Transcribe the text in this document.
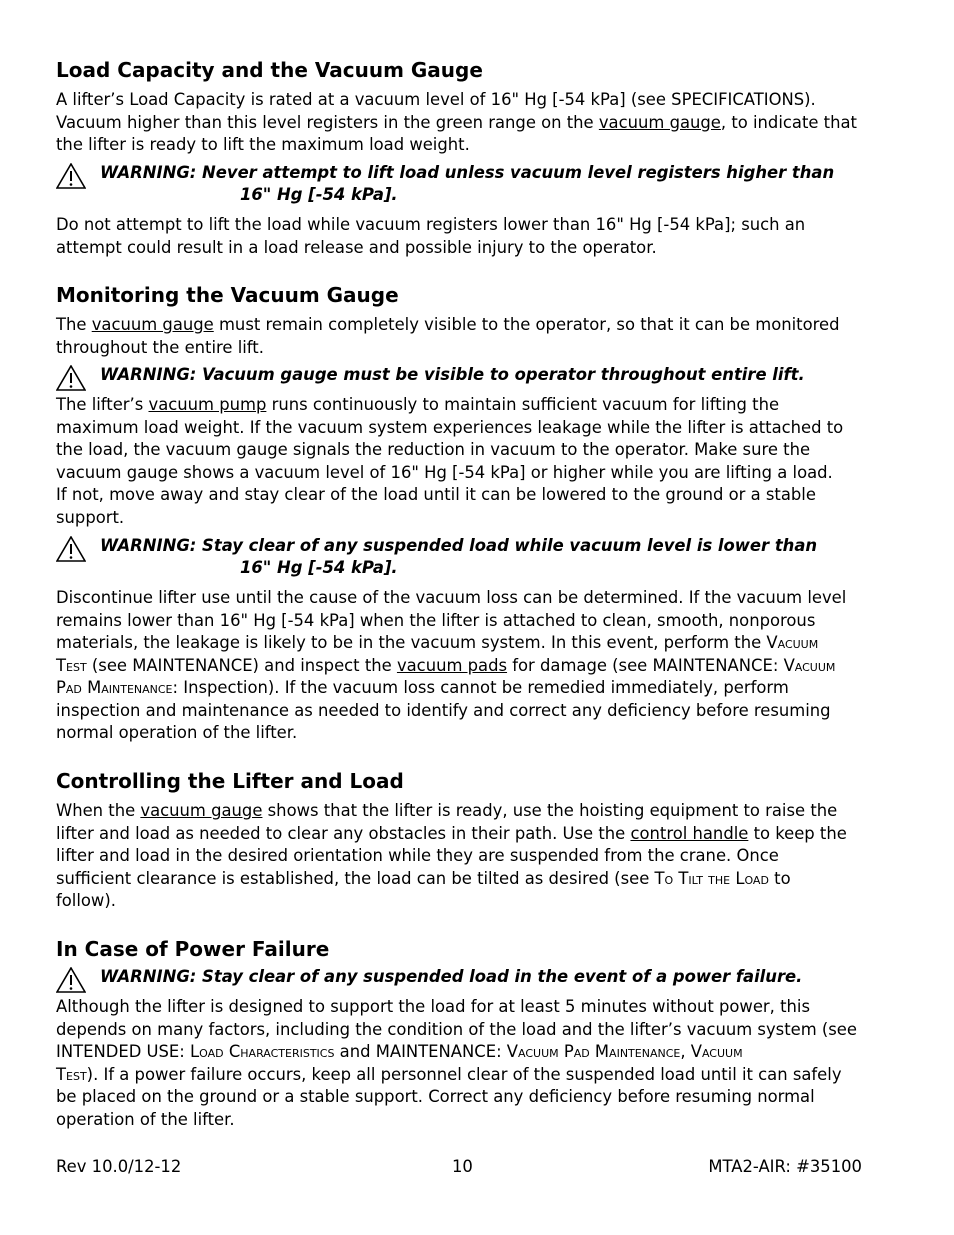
Load Capacity and the Vacuum Gauge

A lifter’s Load Capacity is rated at a vacuum level of 16" Hg [-54 kPa] (see SPECIFICATIONS).
Vacuum higher than this level registers in the green range on the vacuum gauge, to indicate that
the lifter is ready to lift the maximum load weight.

WARNING: Never attempt to lift load unless vacuum level registers higher than
16" Hg [-54 kPa].

Do not attempt to lift the load while vacuum registers lower than 16" Hg [-54 kPa]; such an
attempt could result in a load release and possible injury to the operator.

Monitoring the Vacuum Gauge

The vacuum gauge must remain completely visible to the operator, so that it can be monitored
throughout the entire lift.

WARNING: Vacuum gauge must be visible to operator throughout entire lift.

The lifter’s vacuum pump runs continuously to maintain sufficient vacuum for lifting the
maximum load weight. If the vacuum system experiences leakage while the lifter is attached to
the load, the vacuum gauge signals the reduction in vacuum to the operator. Make sure the
vacuum gauge shows a vacuum level of 16" Hg [-54 kPa] or higher while you are lifting a load.
If not, move away and stay clear of the load until it can be lowered to the ground or a stable
support.

WARNING: Stay clear of any suspended load while vacuum level is lower than
16" Hg [-54 kPa].

Discontinue lifter use until the cause of the vacuum loss can be determined. If the vacuum level
remains lower than 16" Hg [-54 kPa] when the lifter is attached to clean, smooth, nonporous
materials, the leakage is likely to be in the vacuum system. In this event, perform the Vacuum
Test (see MAINTENANCE) and inspect the vacuum pads for damage (see MAINTENANCE: Vacuum
Pad Maintenance: Inspection). If the vacuum loss cannot be remedied immediately, perform
inspection and maintenance as needed to identify and correct any deficiency before resuming
normal operation of the lifter.

Controlling the Lifter and Load

When the vacuum gauge shows that the lifter is ready, use the hoisting equipment to raise the
lifter and load as needed to clear any obstacles in their path. Use the control handle to keep the
lifter and load in the desired orientation while they are suspended from the crane. Once
sufficient clearance is established, the load can be tilted as desired (see To Tilt the Load to
follow).

In Case of Power Failure
WARNING: Stay clear of any suspended load in the event of a power failure.

Although the lifter is designed to support the load for at least 5 minutes without power, this
depends on many factors, including the condition of the load and the lifter’s vacuum system (see
INTENDED USE: Load Characteristics and MAINTENANCE: Vacuum Pad Maintenance, Vacuum
Test). If a power failure occurs, keep all personnel clear of the suspended load until it can safely
be placed on the ground or a stable support. Correct any deficiency before resuming normal
operation of the lifter.

Rev 10.0/12-12	10	MTA2-AIR: #35100
